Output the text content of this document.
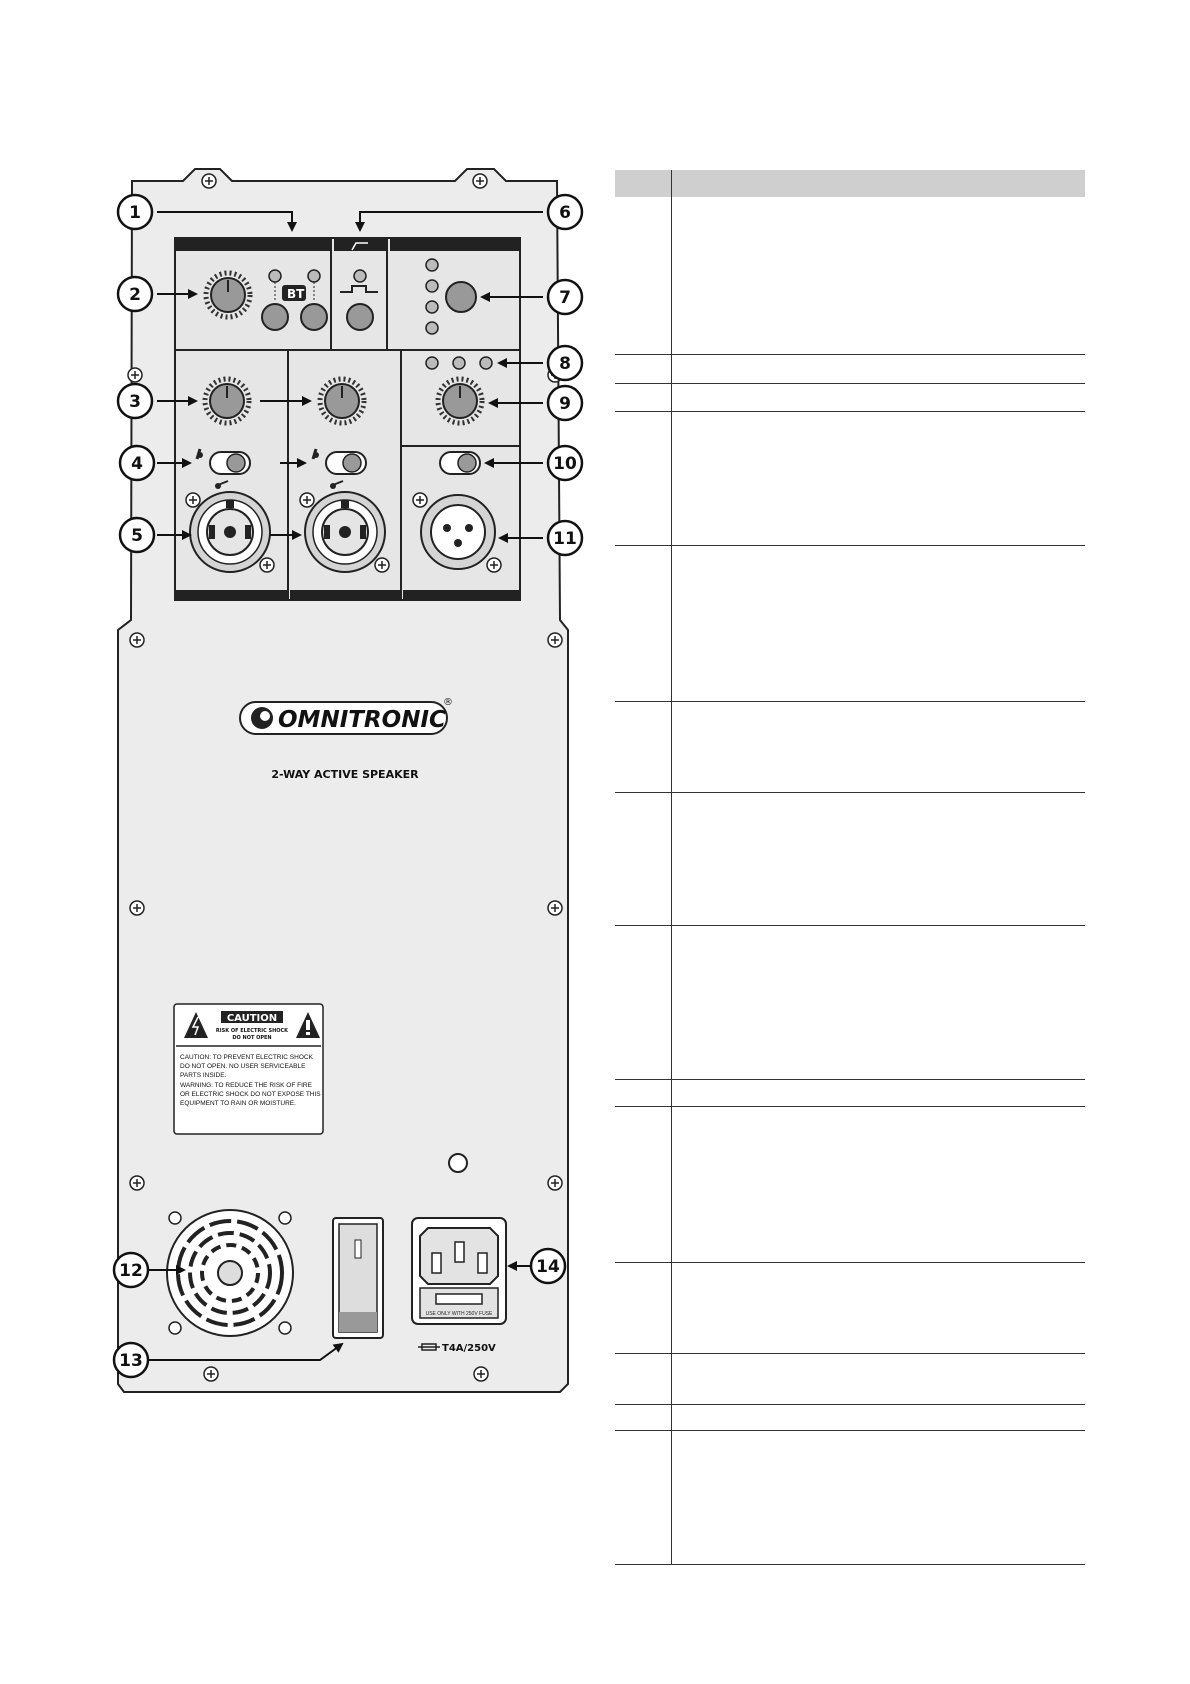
BT
OMNITRONIC
®
2-WAY ACTIVE SPEAKER
CAUTION
RISK OF ELECTRIC SHOCK
DO NOT OPEN
CAUTION: TO PREVENT ELECTRIC SHOCK
DO NOT OPEN. NO USER SERVICEABLE
PARTS INSIDE.
WARNING: TO REDUCE THE RISK OF FIRE
OR ELECTRIC SHOCK DO NOT EXPOSE THIS
EQUIPMENT TO RAIN OR MOISTURE.
USE ONLY WITH 250V FUSE
T4A/250V
1
2
3
4
5
6
7
8
9
10
11
12
13
14
